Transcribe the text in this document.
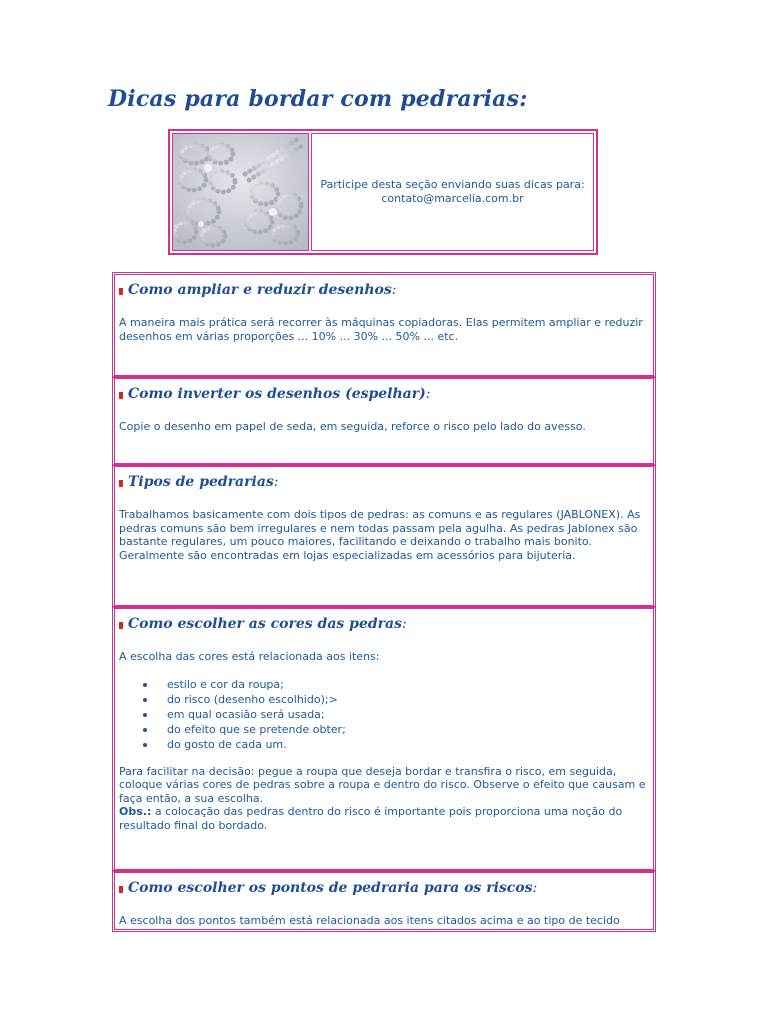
Dicas para bordar com pedrarias:
Participe desta seção enviando suas dicas para:
contato@marcelia.com.br
Como ampliar e reduzir desenhos :

A maneira mais prática será recorrer às máquinas copiadoras. Elas permitem ampliar e reduzir desenhos em várias proporções ... 10% ... 30% ... 50% ... etc.

Como inverter os desenhos (espelhar) :

Copie o desenho em papel de seda, em seguida, reforce o risco pelo lado do avesso.

Tipos de pedrarias :

Trabalhamos basicamente com dois tipos de pedras: as comuns e as regulares (JABLONEX). As pedras comuns são bem irregulares e nem todas passam pela agulha. As pedras Jablonex são bastante regulares, um pouco maiores, facilitando e deixando o trabalho mais bonito. Geralmente são encontradas em lojas especializadas em acessórios para bijuteria.

Como escolher as cores das pedras :

A escolha das cores está relacionada aos itens:

estilo e cor da roupa;
do risco (desenho escolhido);>
em qual ocasião será usada;
do efeito que se pretende obter;
do gosto de cada um.

Para facilitar na decisão: pegue a roupa que deseja bordar e transfira o risco, em seguida, coloque várias cores de pedras sobre a roupa e dentro do risco. Observe o efeito que causam e faça então, a sua escolha.
Obs.: a colocação das pedras dentro do risco é importante pois proporciona uma noção do resultado final do bordado.

Como escolher os pontos de pedraria para os riscos :

A escolha dos pontos também está relacionada aos itens citados acima e ao tipo de tecido
